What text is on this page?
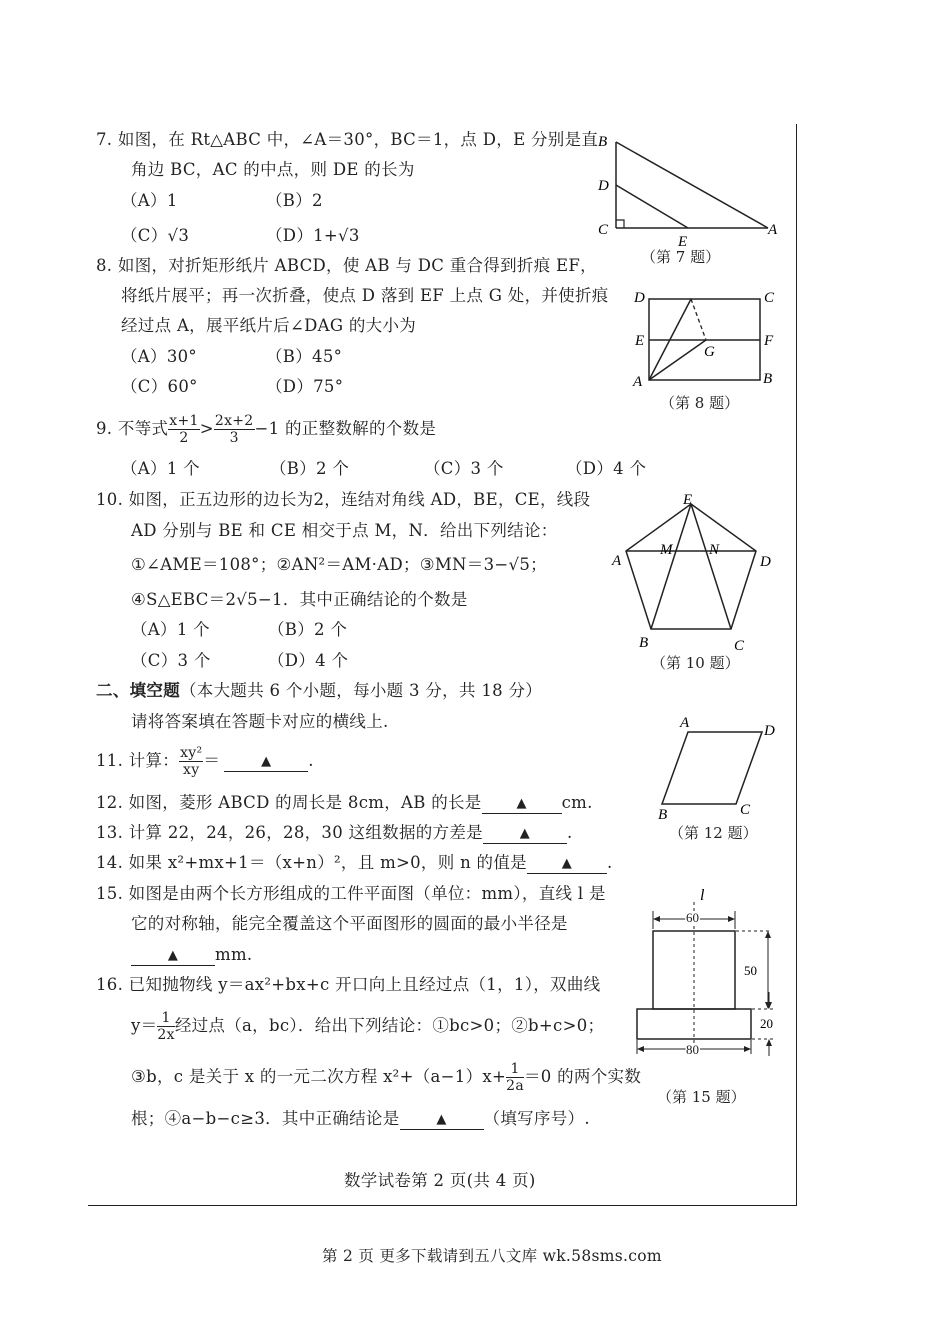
7. 如图，在 Rt△ABC 中，∠A＝30°，BC＝1，点 D，E 分别是直
角边 BC，AC 的中点，则 DE 的长为
（A）1	（B）2
（C）√3	（D）1+√3
B
D
C
E
A
（第 7 题）
8. 如图，对折矩形纸片 ABCD，使 AB 与 DC 重合得到折痕 EF，
将纸片展平；再一次折叠，使点 D 落到 EF 上点 G 处，并使折痕
经过点 A，展平纸片后∠DAG 的大小为
（A）30°	（B）45°
（C）60°	（D）75°
D	C
E	F
G
A	B
（第 8 题）
9. 不等式 $\frac{x+1}{2} > \frac{2x+2}{3} -1$ 的正整数解的个数是
（A）1 个	（B）2 个	（C）3 个	（D）4 个
10. 如图，正五边形的边长为2，连结对角线 AD，BE，CE，线段
AD 分别与 BE 和 CE 相交于点 M，N．给出下列结论：
①∠AME＝108°；②AN²＝AM·AD；③MN＝3−√5；
④S△EBC＝2√5−1．其中正确结论的个数是
（A）1 个	（B）2 个
（C）3 个	（D）4 个
E
A
M N
D
B	C
（第 10 题）
二、填空题（本大题共 6 个小题，每小题 3 分，共 18 分）
请将答案填在答题卡对应的横线上.
11. 计算： $\frac{\text{xy²}}{xy}$ ＝	▲	.
12. 如图，菱形 ABCD 的周长是 8cm，AB 的长是	▲ cm.
A	D
B	C
（第 12 题）
13. 计算 22，24，26，28，30 这组数据的方差是	▲ .
14. 如果 x²+mx+1＝（x+n）²，且 m>0，则 n 的值是	▲ .
15. 如图是由两个长方形组成的工件平面图（单位：mm），直线 l 是
它的对称轴，能完全覆盖这个平面图形的圆面的最小半径是
▲ mm.
l
60
50
20
80
（第 15 题）
16. 已知抛物线 y＝ax²+bx+c 开口向上且经过点（1，1），双曲线
$y= \frac{1}{2x}$ 经过点（a，bc）．给出下列结论：①bc>0；②b+c>0；
③b，c 是关于 x 的一元二次方程 $x^2+(a-1)x+ \frac{1}{2a} =0$ 的两个实数
根；④a−b−c≥3．其中正确结论是	▲ （填写序号）.
数学试卷第 2 页(共 4 页)
第 2 页 更多下载请到五八文库 wk.58sms.com
